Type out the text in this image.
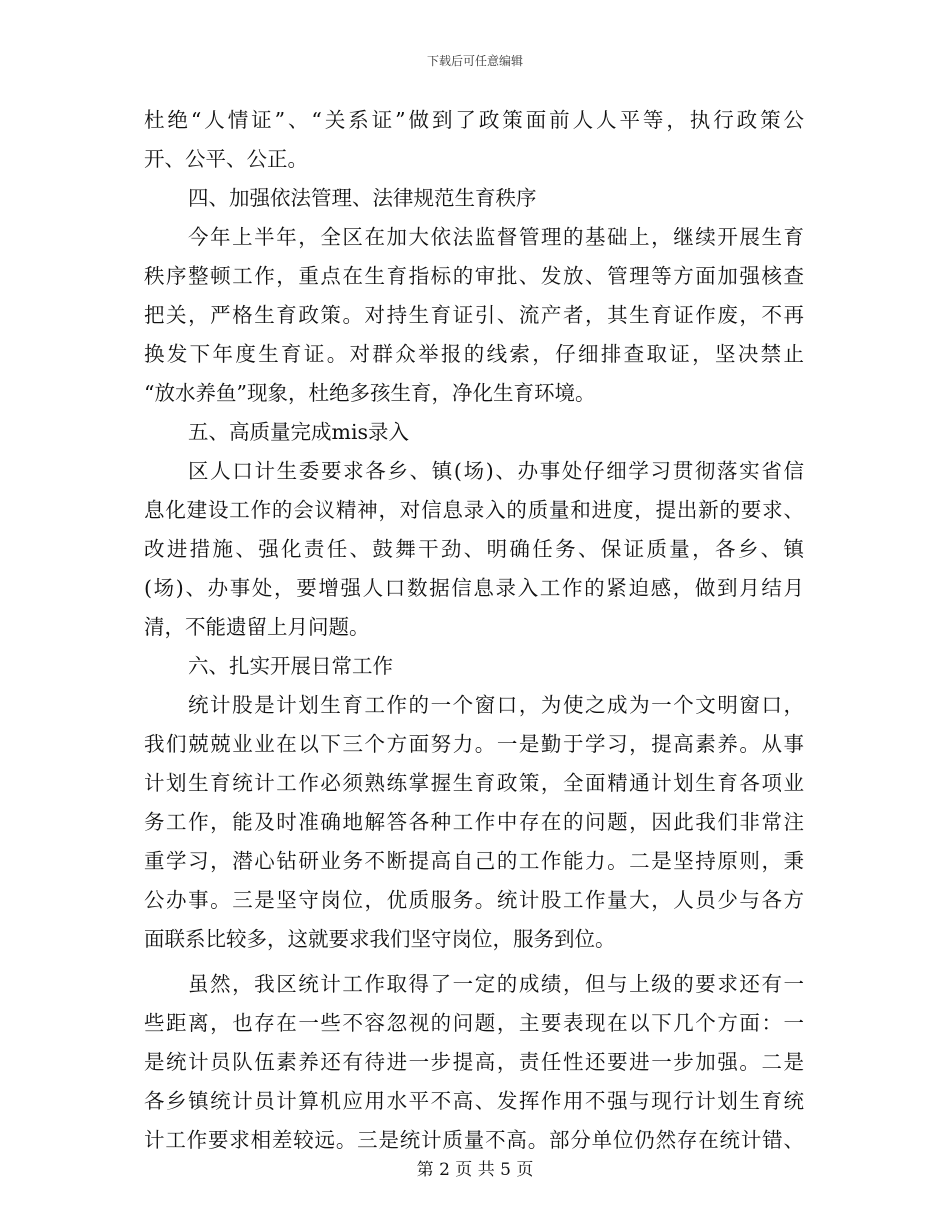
下载后可任意编辑
杜绝“人情证”、“关系证”做到了政策面前人人平等，执行政策公
开、公平、公正。
四、加强依法管理、法律规范生育秩序
今年上半年，全区在加大依法监督管理的基础上，继续开展生育
秩序整顿工作，重点在生育指标的审批、发放、管理等方面加强核查
把关，严格生育政策。对持生育证引、流产者，其生育证作废，不再
换发下年度生育证。对群众举报的线索，仔细排查取证，坚决禁止
“放水养鱼”现象，杜绝多孩生育，净化生育环境。
五、高质量完成mis录入
区人口计生委要求各乡、镇(场)、办事处仔细学习贯彻落实省信
息化建设工作的会议精神，对信息录入的质量和进度，提出新的要求、
改进措施、强化责任、鼓舞干劲、明确任务、保证质量，各乡、镇
(场)、办事处，要增强人口数据信息录入工作的紧迫感，做到月结月
清，不能遗留上月问题。
六、扎实开展日常工作
统计股是计划生育工作的一个窗口，为使之成为一个文明窗口，
我们兢兢业业在以下三个方面努力。一是勤于学习，提高素养。从事
计划生育统计工作必须熟练掌握生育政策，全面精通计划生育各项业
务工作，能及时准确地解答各种工作中存在的问题，因此我们非常注
重学习，潜心钻研业务不断提高自己的工作能力。二是坚持原则，秉
公办事。三是坚守岗位，优质服务。统计股工作量大，人员少与各方
面联系比较多，这就要求我们坚守岗位，服务到位。
虽然，我区统计工作取得了一定的成绩，但与上级的要求还有一
些距离，也存在一些不容忽视的问题，主要表现在以下几个方面：一
是统计员队伍素养还有待进一步提高，责任性还要进一步加强。二是
各乡镇统计员计算机应用水平不高、发挥作用不强与现行计划生育统
计工作要求相差较远。三是统计质量不高。部分单位仍然存在统计错、
第 2 页 共 5 页
